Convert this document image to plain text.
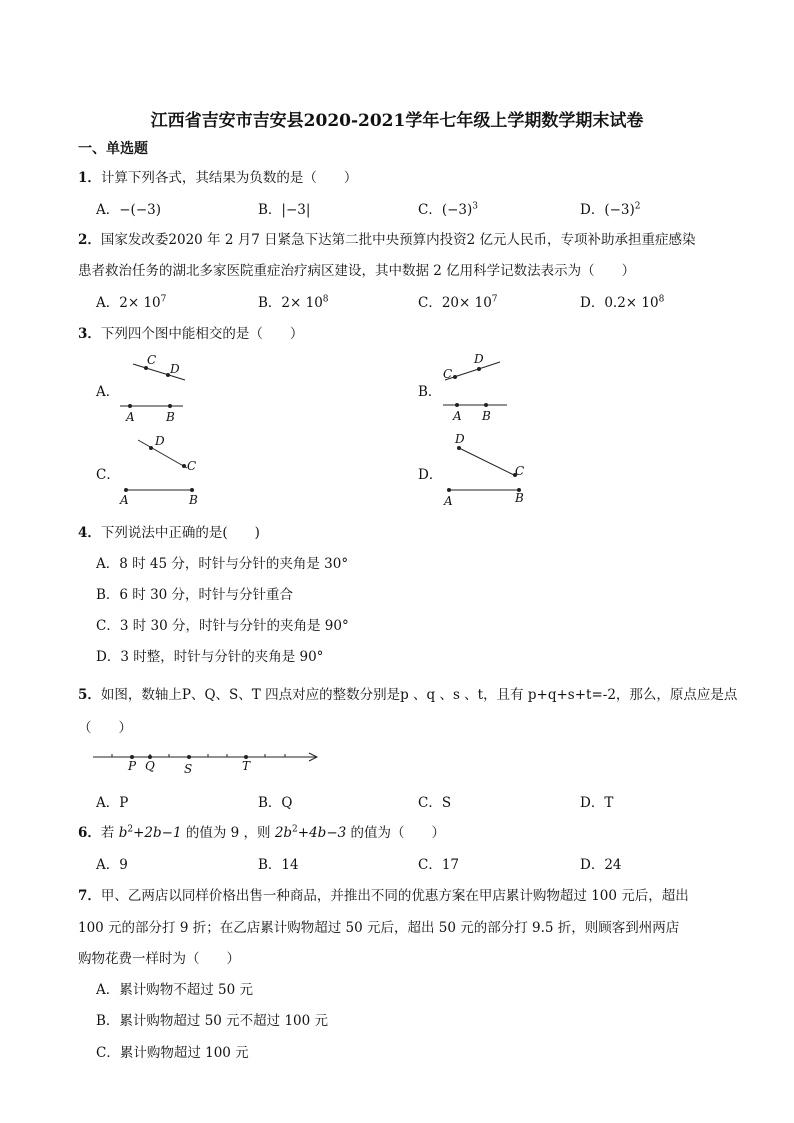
江西省吉安市吉安县2020-2021学年七年级上学期数学期末试卷
一、单选题
1．计算下列各式，其结果为负数的是（　　）
A．−(−3)	B．|−3|	C．$(-3)^3$	D．$(-3)^2$
2．国家发改委2020 年 2 月7 日紧急下达第二批中央预算内投资2 亿元人民币，专项补助承担重症感染
患者救治任务的湖北多家医院重症治疗病区建设，其中数据 2 亿用科学记数法表示为（　　）
A．$2\times 10^7$	B．$2\times 10^8$	C．$20\times 10^7$	D．$0.2\times 10^8$
3．下列四个图中能相交的是（　　）
A．	B．
C．	D．
C
D
A	B
C
D
A B
D
C
A	B
D
C
A	B
4．下列说法中正确的是(　　)
A．8 时 45 分，时针与分针的夹角是 30°
B．6 时 30 分，时针与分针重合
C．3 时 30 分，时针与分针的夹角是 90°
D．3 时整，时针与分针的夹角是 90°
5．如图，数轴上P、Q、S、T 四点对应的整数分别是p 、q 、s 、t，且有 p+q+s+t=-2，那么，原点应是点
（　　）
P Q S	T
A．P	B．Q	C．S	D．T
6．若 $b^2+2b-1$ 的值为 9 ，则 $2b^2+4b-3$ 的值为（　　）
A．9	B．14	C．17	D．24
7．甲、乙两店以同样价格出售一种商品，并推出不同的优惠方案在甲店累计购物超过 100 元后，超出
100 元的部分打 9 折；在乙店累计购物超过 50 元后，超出 50 元的部分打 9.5 折，则顾客到州两店
购物花费一样时为（　　）
A．累计购物不超过 50 元
B．累计购物超过 50 元不超过 100 元
C．累计购物超过 100 元
